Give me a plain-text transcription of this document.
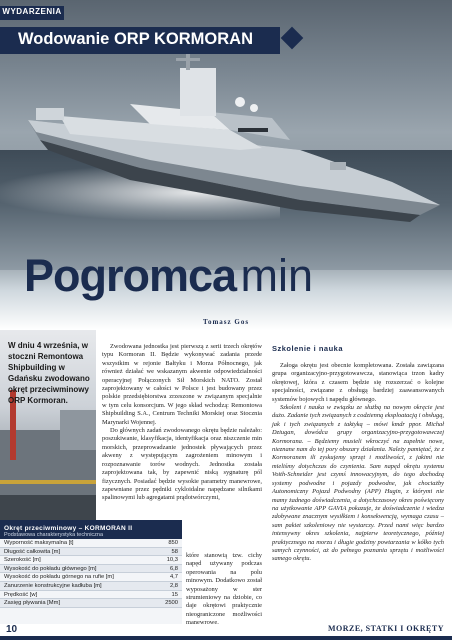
WYDARZENIA
Wodowanie ORP KORMORAN
Pogromca min
Tomasz Gos
W dniu 4 września, w stoczni Remontowa Shipbuilding w Gdańsku zwodowano okręt przeciwminowy ORP Kormoran.

Zwodowana jednostka jest pierwszą z serii trzech okrętów typu Kormoran II. Będzie wykonywać zadania przede wszystkim w rejonie Bałtyku i Morza Północnego, jak również działać we wskazanym akwenie odpowiedzialności operacyjnej Połączonych Sił Morskich NATO. Został zaprojektowany w całości w Polsce i jest budowany przez polskie przedsiębiorstwa zrzeszone w związanym specjalnie w tym celu konsorcjum. W jego skład wchodzą: Remontowa Shipbuilding S.A., Centrum Techniki Morskiej oraz Stocznia Marynarki Wojennej.

Do głównych zadań zwodowanego okrętu będzie należało: poszukiwanie, klasyfikacja, identyfikacja oraz niszczenie min morskich, przeprowadzanie jednostek pływających przez akweny z występującym zagrożeniem minowym i rozpoznawanie torów wodnych. Jednostka została zaprojektowana tak, by zapewnić niską sygnaturę pól fizycznych. Posiadać będzie wysokie parametry manewrowe, zapewniane przez pędniki cykloidalne napędzane silnikami spalinowymi lub agregatami prądotwórczymi,

które stanowią tzw. cichy napęd używany podczas operowania na polu minowym. Dodatkowo został wyposażony w ster strumieniowy na dziobie, co daje okrętowi praktycznie nieograniczone możliwości manewrowe.

Szkolenie i nauka

Załoga okrętu jest obecnie kompletowana. Została zawiązana grupa organizacyjno-przygotowawcza, stanowiąca trzon kadry okrętowej, która z czasem będzie się rozszerzać o kolejne specjalności, związane z obsługą bardziej zaawansowanych systemów bojowych i napędu głównego.

Szkoleni i nauka w związku ze służbą na nowym okręcie jest dużo. Zadanie tych związanych z codzienną eksploatacją i obsługą, jak i tych związanych z taktyką – mówi kmdr ppor. Michał Dziugan, dowódca grupy organizacyjno-przygotowawczej Kormorana. – Będziemy musieli wkroczyć na zupełnie nowe, nieznane nam do tej pory obszary działania. Należy pamiętać, że z Kormoranem ili zyskujemy sprzęt i możliwości, z jakimi nie mieliśmy dotychczas do czynienia. Sam napęd okrętu systemu Voith-Schneider jest czymś innowacyjnym, do tego dochodzą systemy podwodne i pojazdy podwodne, jak chociażby Autonomiczny Pojazd Podwodny (APP) Hugin, z którymi nie mamy żadnego doświadczenia, a dotychczasowy okres poświęcony na użytkowanie APP GAVIA pokazuje, że doświadczenie i wiedza zdobywane znacznym wysiłkiem i konsekwencją, wymaga czasu – sam pakiet szkoleniowy nie wystarczy. Przed nami więc bardzo intensywny okres szkolenia, najpierw teoretycznego, później praktycznego na morzu i długie godziny powtarzania w kółko tych samych czynności, aż do pełnego poznania sprzętu i możliwości samego okrętu.

Okręt przeciwminowy – KORMORAN II
Podstawowa charakterystyka techniczna
Wyporność maksymalna [t]	850
Długość całkowita [m]	58
Szerokość [m]	10,3
Wysokość do pokładu głównego [m]	6,8
Wysokość do pokładu górnego na rufie [m]	4,7
Zanurzenie konstrukcyjne kadłuba [m]	2,8
Prędkość [w]	15
Zasięg pływania [Mm]	2500
10	MORZE, STATKI I OKRĘTY
